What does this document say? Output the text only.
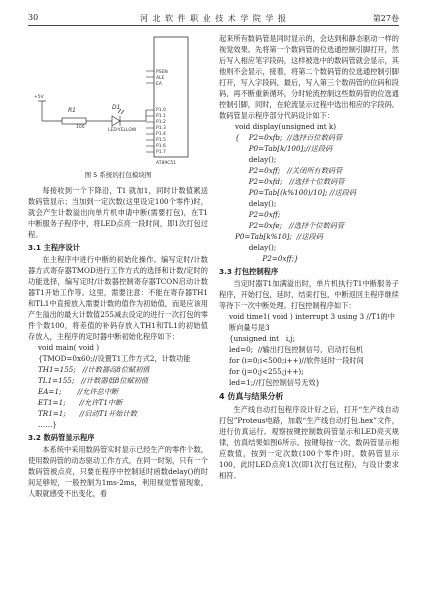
30	河 北 软 件 职 业 技 术 学 院 学 报	第27卷
PSEN
ALE
EA
P1.0
P1.1
P1.2
P1.3
P1.4
P1.5
P1.6
P1.7
AT89C51
+5V
R1
100
D1
LED-YELLOW
图 5 系统的打包模块图

每接收到一个下降沿，T1 就加1，同时计数值累送数码管显示；当加到一定次数(这里设定100个零件)时，就会产生计数溢出向单片机申请中断(需要打包)，在T1 中断服务子程序中，将LED点亮一段时间，即1次打包过程。

3.1 主程序设计

在主程序中进行中断的初始化操作。编写定时/计数器方式寄存器TMOD进行工作方式的选择和计数/定时的功能选择，编写定时/计数器控制寄存器TCON启动计数器T1开始工作等。这里，需要注意：不能在寄存器TH1和TL1中直接放入需要计数的值作为初始值，而是应该用产生溢出的最大计数值255减去设定的进行一次打包的零件个数100，将差值的补码存放入TH1和TL1的初始值存放入，主程序的定时器中断初始化程序如下：

void main( void )
{TMOD=0x60;//设置T1工作方式2，计数功能
TH1=155;   //计数器高8位赋初值
TL1=155;   //计数器低8位赋初值
EA=1;       //允许总中断
ET1=1;      //允许T1中断
TR1=1;      //启动T1开始计数
……}
3.2 数码管显示程序

本系统中采用数码管实时显示已经生产的零件个数，使用数码管的动态驱动工作方式，在同一时刻，只有一个数码管被点亮，只要在程序中控制延时函数delay()的时间足够短，一般控制为1ms-2ms，利用视觉暂留现象，人眼就感受不出变化，看

起来所有数码管是同时显示的，会达到和静态驱动一样的视觉效果。先将第一个数码管的位选通控制引脚打开，然后写入相应笔字段码，这样被选中的数码管就会显示，其他则不会显示，接着，将第二个数码管的位选通控制引脚打开，写入字段码，最后，写入第三个数码管的位码和段码，再不断重新循环，分时轮流控制这些数码管的位选通控制引脚，同时，在轮流显示过程中选出相应的字段码。数码管显示程序部分代码设计如下：

void display(unsigned int k)
{    P2=0xfb;  //选择百位数码管
P0=Tab[k/100];//送段码
delay();
P2=0xff;   //关闭所有数码管
P2=0xfd;   //选择十位数码管
P0=Tab[(k%100)/10]; //送段码
delay();
P2=0xff;
P2=0xfe;   //选择个位数码管
P0=Tab[k%10];  //送段码
delay();
P2=0xff;}
3.3 打包控制程序

当定时器T1加满溢出时，单片机执行T1中断服务子程序，开始打包，延时，结束打包，中断返回主程序继续等待下一次中断处理。打包控制程序如下：

void time1( void ) interrupt 3 using 3 //T1的中断向量号是3
{unsigned int   i,j;
led=0;  //输出打包控制信号，启动打包机
for (i=0;i<500;i++)//软件延时一段时间
for (j=0;j<255;j++);
led=1;//打包控制信号无效}
4 仿真与结果分析

生产线自动打包程序设计好之后，打开“生产线自动打包”Proteus电路，加载“生产线自动打包.hex”文件，进行仿真运行。观察按键控制数码管显示和LED亮灭规律，仿真结果如图6所示。按键每按一次，数码管显示相应数值，按到一定次数(100个零件)时，数码管显示100，此时LED点亮1次(即1次打包过程)，与设计要求相符。
